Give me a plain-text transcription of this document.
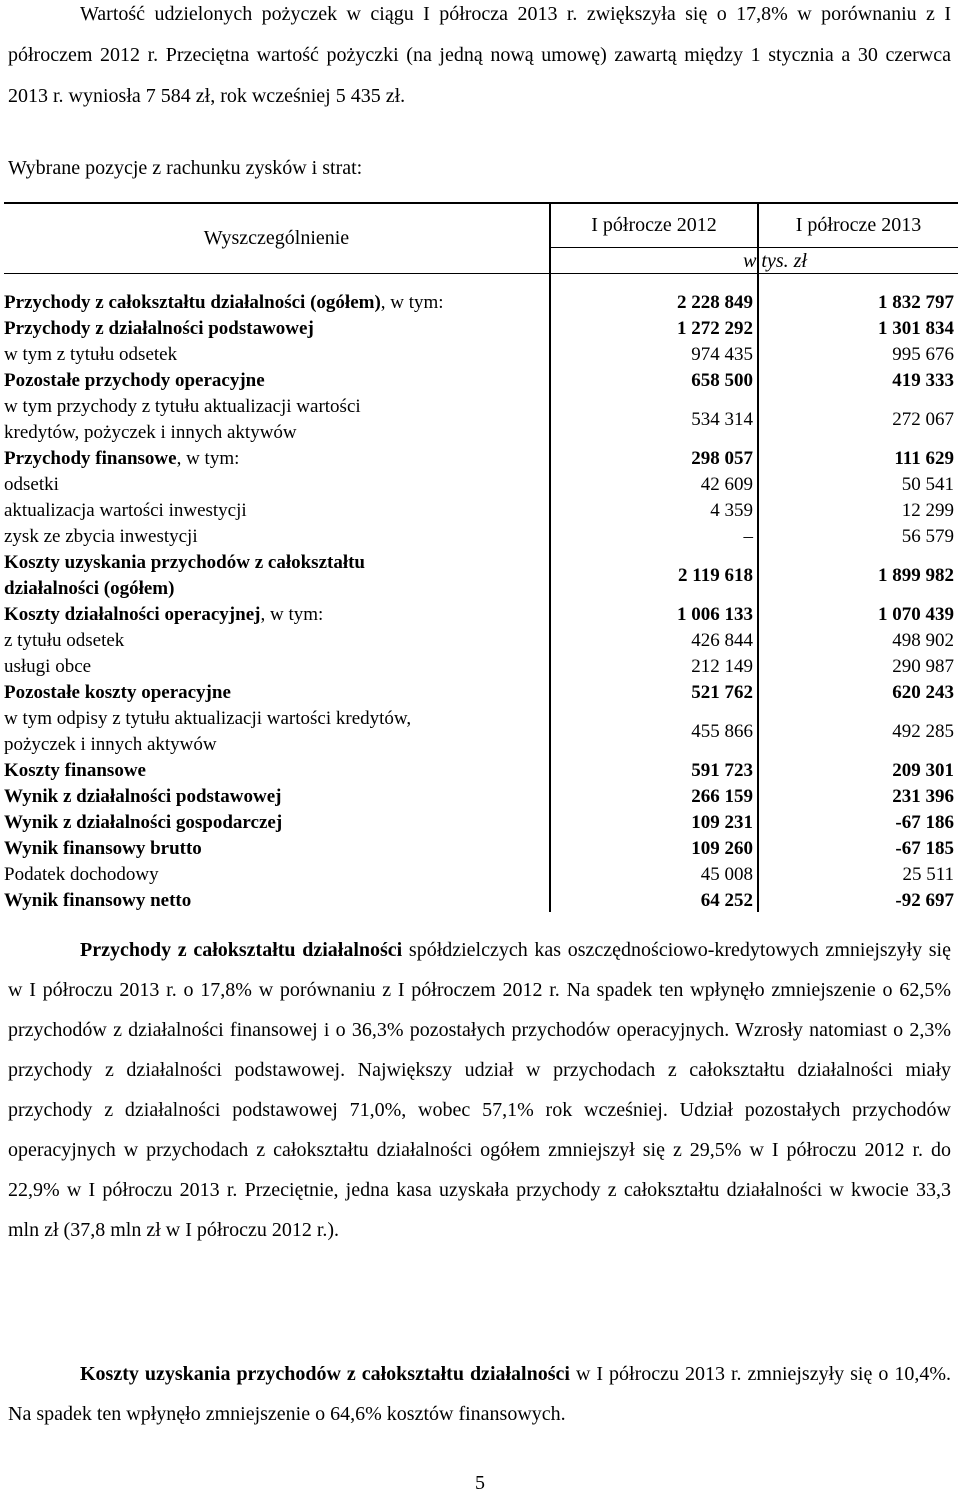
Wartość udzielonych pożyczek w ciągu I półrocza 2013 r. zwiększyła się o 17,8% w porównaniu z I półroczem 2012 r. Przeciętna wartość pożyczki (na jedną nową umowę) zawartą między 1 stycznia a 30 czerwca 2013 r. wyniosła 7 584 zł, rok wcześniej 5 435 zł.

Wybrane pozycje z rachunku zysków i strat:

Wyszczególnienie
I półrocze 2012	I półrocze 2013
w tys. zł
Przychody z całokształtu działalności (ogółem), w tym:	2 228 849	1 832 797
Przychody z działalności podstawowej	1 272 292	1 301 834
w tym z tytułu odsetek	974 435	995 676
Pozostałe przychody operacyjne	658 500	419 333

w tym przychody z tytułu aktualizacji wartości
kredytów, pożyczek i innych aktywów	534 314	272 067
Przychody finansowe, w tym:	298 057	111 629
odsetki	42 609	50 541
aktualizacja wartości inwestycji	4 359	12 299
zysk ze zbycia inwestycji	–	56 579

Koszty uzyskania przychodów z całokształtu
działalności (ogółem)	2 119 618	1 899 982
Koszty działalności operacyjnej, w tym:	1 006 133	1 070 439
z tytułu odsetek	426 844	498 902
usługi obce	212 149	290 987
Pozostałe koszty operacyjne	521 762	620 243

w tym odpisy z tytułu aktualizacji wartości kredytów,
pożyczek i innych aktywów	455 866	492 285
Koszty finansowe	591 723	209 301
Wynik z działalności podstawowej	266 159	231 396
Wynik z działalności gospodarczej	109 231	-67 186
Wynik finansowy brutto	109 260	-67 185
Podatek dochodowy	45 008	25 511
Wynik finansowy netto	64 252	-92 697

Przychody z całokształtu działalności spółdzielczych kas oszczędnościowo-kredytowych zmniejszyły się w I półroczu 2013 r. o 17,8% w porównaniu z I półroczem 2012 r. Na spadek ten wpłynęło zmniejszenie o 62,5% przychodów z działalności finansowej i o 36,3% pozostałych przychodów operacyjnych. Wzrosły natomiast o 2,3% przychody z działalności podstawowej. Największy udział w przychodach z całokształtu działalności miały przychody z działalności podstawowej 71,0%, wobec 57,1% rok wcześniej. Udział pozostałych przychodów operacyjnych w przychodach z całokształtu działalności ogółem zmniejszył się z 29,5% w I półroczu 2012 r. do 22,9% w I półroczu 2013 r. Przeciętnie, jedna kasa uzyskała przychody z całokształtu działalności w kwocie 33,3 mln zł (37,8 mln zł w I półroczu 2012 r.).

Koszty uzyskania przychodów z całokształtu działalności w I półroczu 2013 r. zmniejszyły się o 10,4%. Na spadek ten wpłynęło zmniejszenie o 64,6% kosztów finansowych.

5
